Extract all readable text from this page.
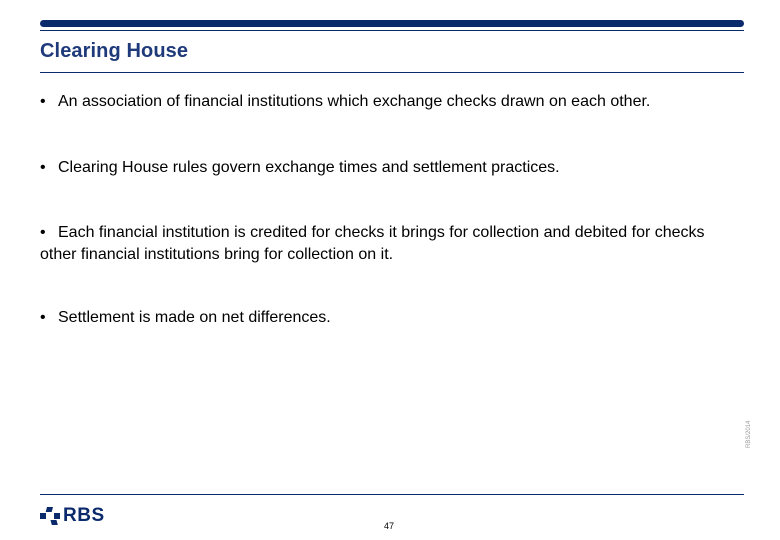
Clearing House
• An association of financial institutions which exchange checks drawn on each other.
• Clearing House rules govern exchange times and settlement practices.
• Each financial institution is credited for checks it brings for collection and debited for checks other financial institutions bring for collection on it.
• Settlement is made on net differences.
RBS/2014
RBS	47
